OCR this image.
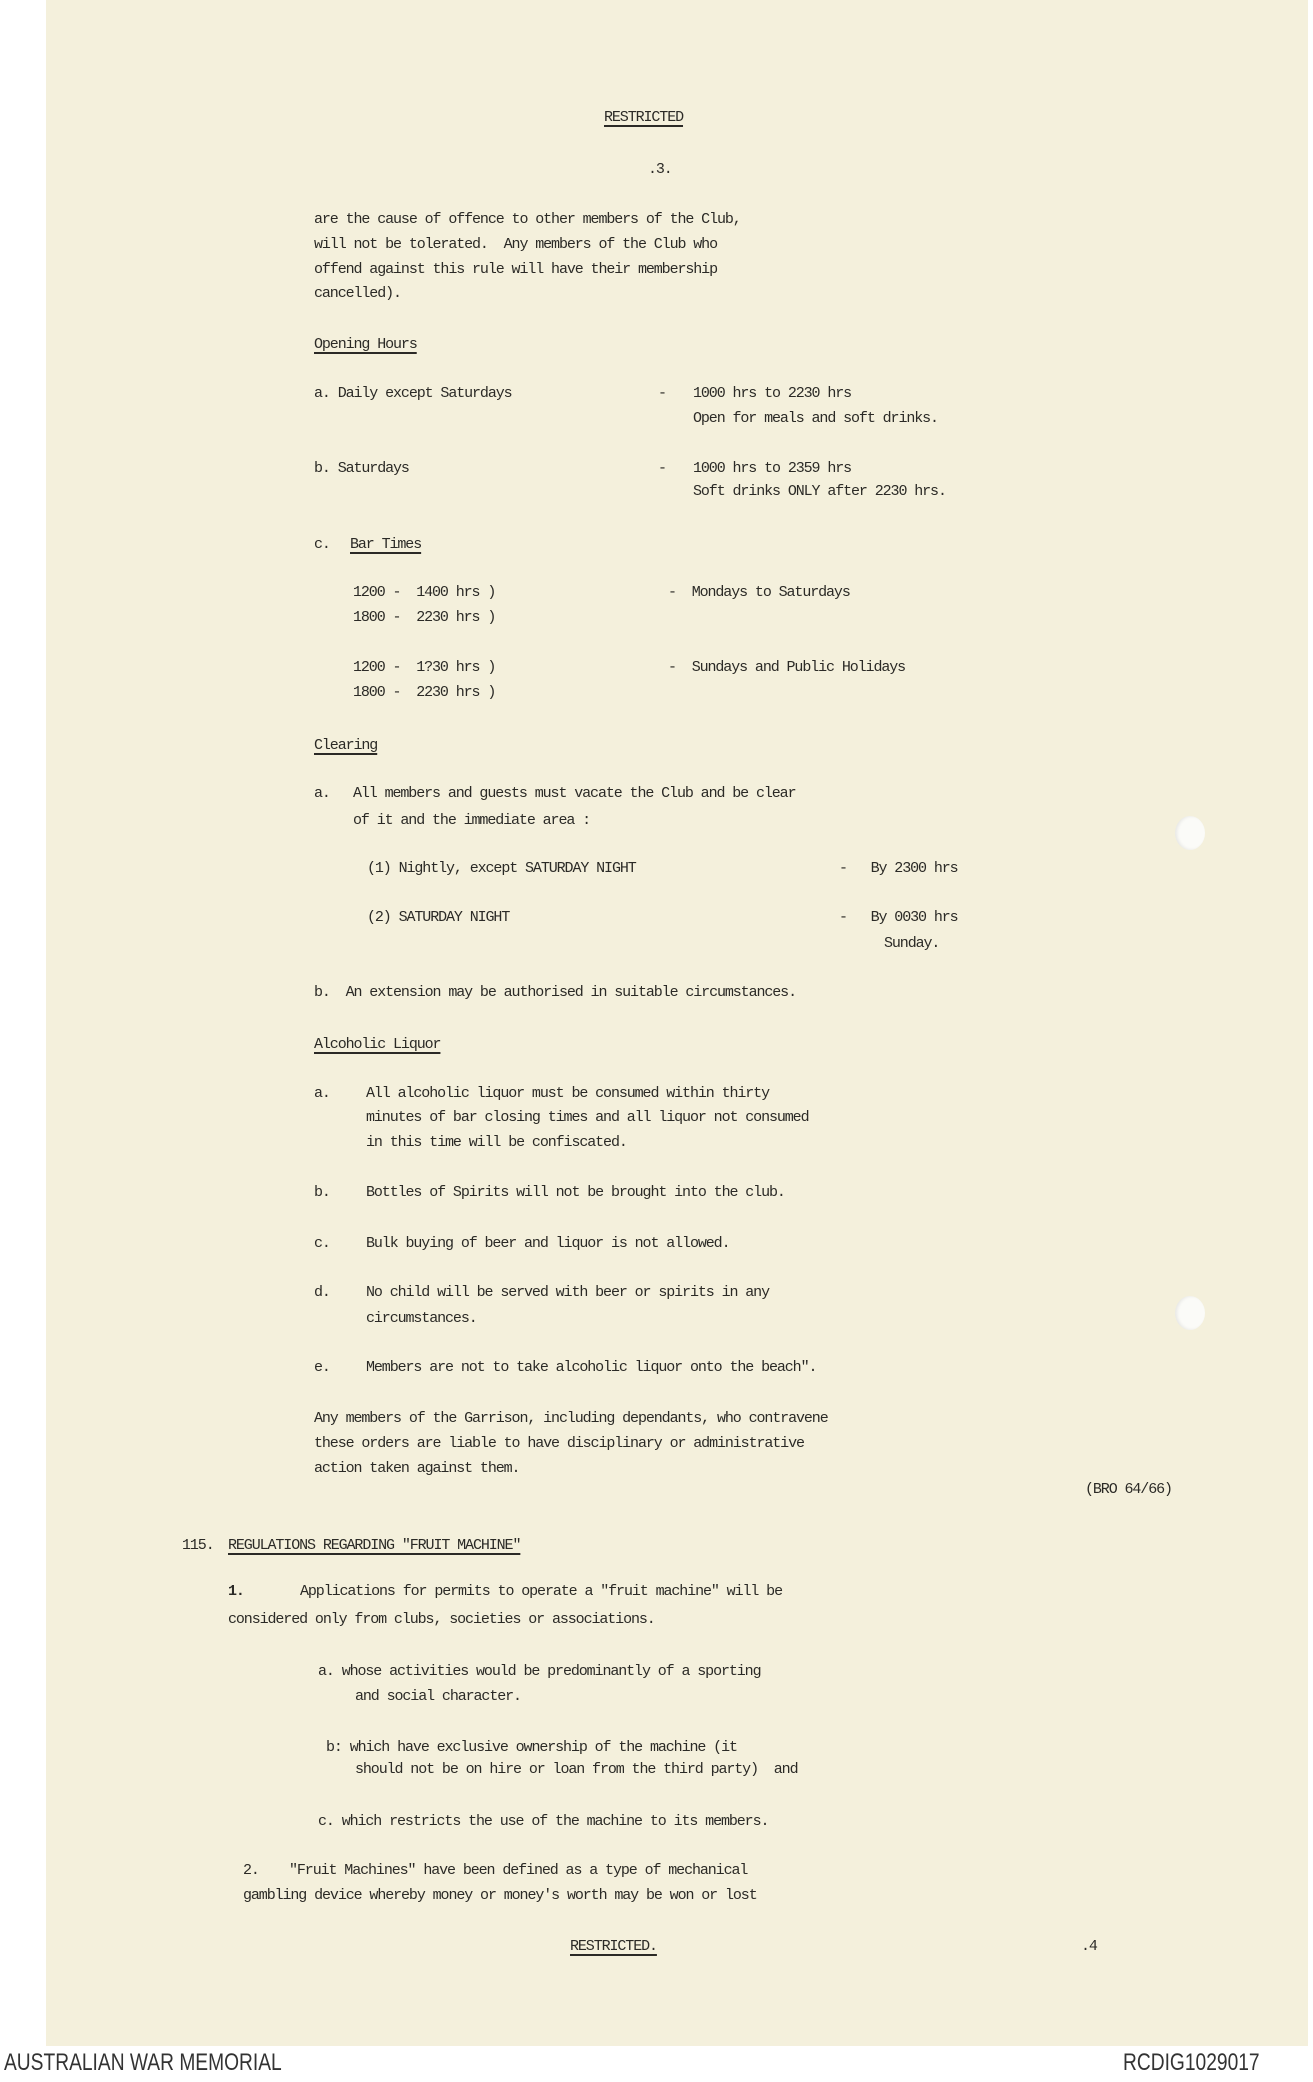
RESTRICTED
.3.
are the cause of offence to other members of the Club,
will not be tolerated.  Any members of the Club who
offend against this rule will have their membership
cancelled).
Opening Hours
a. Daily except Saturdays	- 1000 hrs to 2230 hrs
Open for meals and soft drinks.
b. Saturdays	- 1000 hrs to 2359 hrs
Soft drinks ONLY after 2230 hrs.
c. Bar Times
1200 -  1400 hrs )	-  Mondays to Saturdays
1800 -  2230 hrs )
1200 -  1?30 hrs )	-  Sundays and Public Holidays
1800 -  2230 hrs )
Clearing
a. All members and guests must vacate the Club and be clear
of it and the immediate area :
(1) Nightly, except SATURDAY NIGHT	-   By 2300 hrs
(2) SATURDAY NIGHT	-   By 0030 hrs
Sunday.
b.  An extension may be authorised in suitable circumstances.
Alcoholic Liquor
a. All alcoholic liquor must be consumed within thirty
minutes of bar closing times and all liquor not consumed
in this time will be confiscated.
b. Bottles of Spirits will not be brought into the club.
c. Bulk buying of beer and liquor is not allowed.
d. No child will be served with beer or spirits in any
circumstances.
e. Members are not to take alcoholic liquor onto the beach".
Any members of the Garrison, including dependants, who contravene
these orders are liable to have disciplinary or administrative
action taken against them.
(BRO 64/66)
115. REGULATIONS REGARDING "FRUIT MACHINE"
1.	Applications for permits to operate a "fruit machine" will be
considered only from clubs, societies or associations.
a. whose activities would be predominantly of a sporting
and social character.
b: which have exclusive ownership of the machine (it
should not be on hire or loan from the third party)  and
c. which restricts the use of the machine to its members.
2. "Fruit Machines" have been defined as a type of mechanical
gambling device whereby money or money's worth may be won or lost
RESTRICTED.	.4
AUSTRALIAN WAR MEMORIAL	RCDIG1029017
